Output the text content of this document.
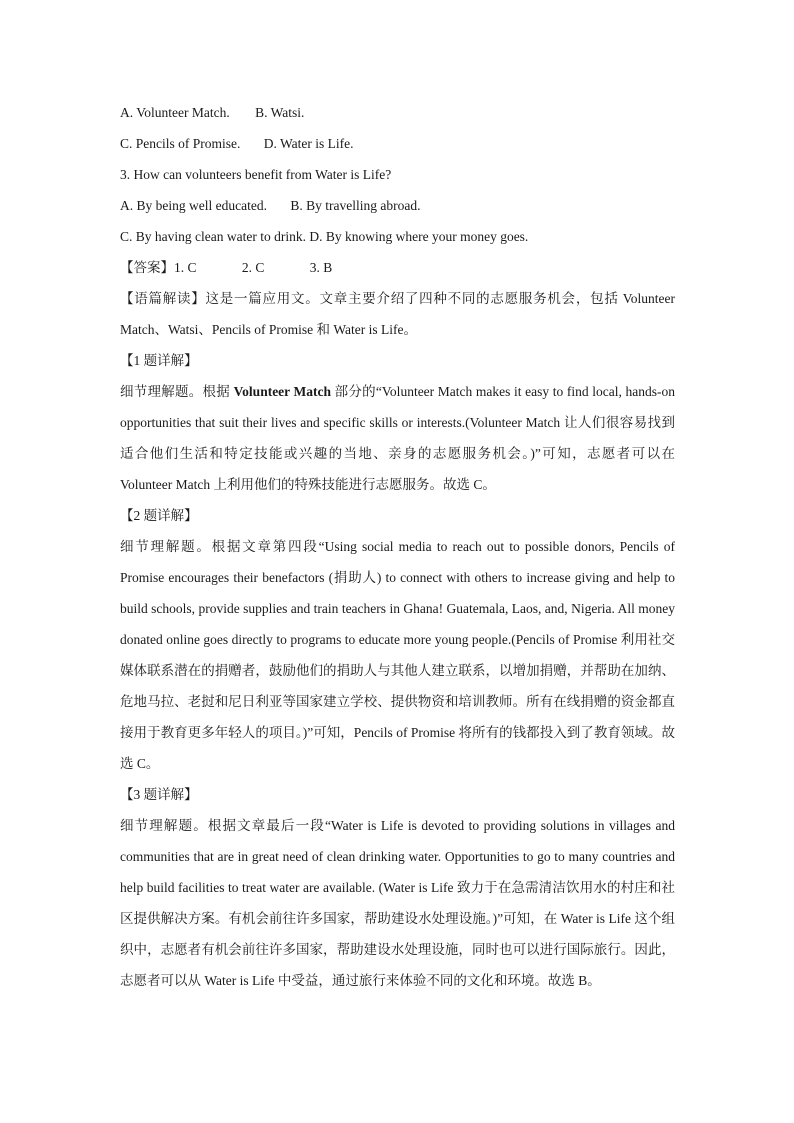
A. Volunteer Match. B. Watsi.
C. Pencils of Promise. D. Water is Life.
3. How can volunteers benefit from Water is Life?
A. By being well educated. B. By travelling abroad.
C. By having clean water to drink. D. By knowing where your money goes.
【答案】1. C	2. C	3. B
【语篇解读】这是一篇应用文。文章主要介绍了四种不同的志愿服务机会，包括 Volunteer Match、Watsi、Pencils of Promise 和 Water is Life。
【1 题详解】
细节理解题。根据 Volunteer Match 部分的“Volunteer Match makes it easy to find local, hands-on opportunities that suit their lives and specific skills or interests.(Volunteer Match 让人们很容易找到适合他们生活和特定技能或兴趣的当地、亲身的志愿服务机会。)”可知，志愿者可以在 Volunteer Match 上利用他们的特殊技能进行志愿服务。故选 C。
【2 题详解】
细节理解题。根据文章第四段“Using social media to reach out to possible donors, Pencils of Promise encourages their benefactors (捐助人) to connect with others to increase giving and help to build schools, provide supplies and train teachers in Ghana! Guatemala, Laos, and, Nigeria. All money donated online goes directly to programs to educate more young people.(Pencils of Promise 利用社交媒体联系潜在的捐赠者，鼓励他们的捐助人与其他人建立联系，以增加捐赠，并帮助在加纳、危地马拉、老挝和尼日利亚等国家建立学校、提供物资和培训教师。所有在线捐赠的资金都直接用于教育更多年轻人的项目。)”可知，Pencils of Promise 将所有的钱都投入到了教育领域。故选 C。
【3 题详解】
细节理解题。根据文章最后一段“Water is Life is devoted to providing solutions in villages and communities that are in great need of clean drinking water. Opportunities to go to many countries and help build facilities to treat water are available. (Water is Life 致力于在急需清洁饮用水的村庄和社区提供解决方案。有机会前往许多国家，帮助建设水处理设施。)”可知，在 Water is Life 这个组织中，志愿者有机会前往许多国家，帮助建设水处理设施，同时也可以进行国际旅行。因此，志愿者可以从 Water is Life 中受益，通过旅行来体验不同的文化和环境。故选 B。
